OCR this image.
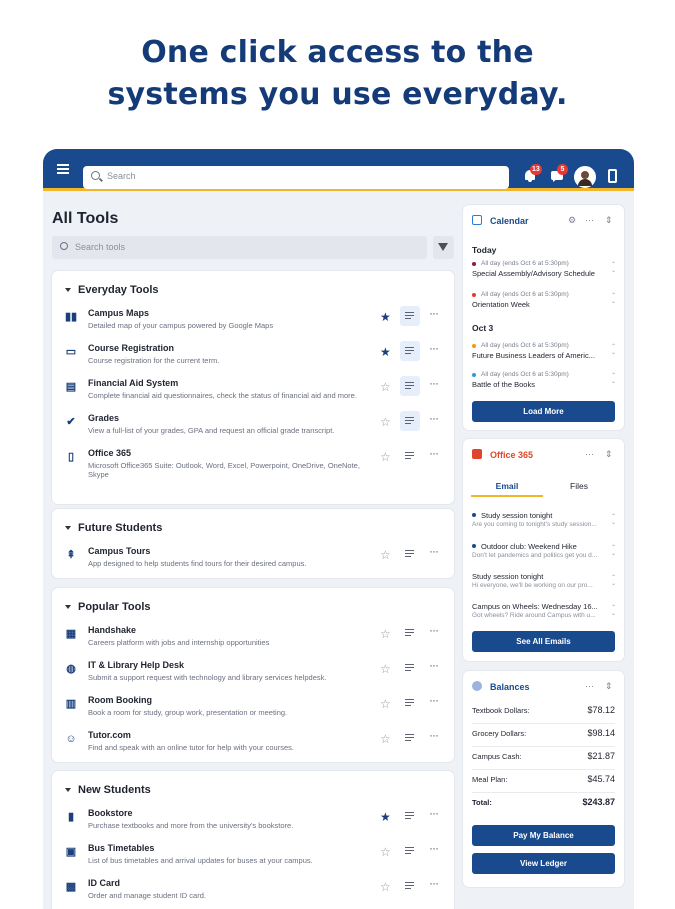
One click access to the
systems you use everyday.
Search
13	5
All Tools
Search tools
Everyday Tools
▮▮ Campus Maps
Detailed map of your campus powered by Google Maps
★	···
▭ Course Registration
Course registration for the current term.
★	···
▤ Financial Aid System
Complete financial aid questionnaires, check the status of financial aid and more.
☆	···
✔ Grades
View a full-list of your grades, GPA and request an official grade transcript.
☆	···
▯	Office 365
Microsoft Office365 Suite: Outlook, Word, Excel, Powerpoint, OneDrive, OneNote, Skype
☆	···
Future Students
⇞ Campus Tours
App designed to help students find tours for their desired campus.
☆	···
Popular Tools
▦ Handshake
Careers platform with jobs and internship opportunities
☆	···
◍ IT & Library Help Desk
Submit a support request with technology and library services helpdesk.
☆	···
▥ Room Booking
Book a room for study, group work, presentation or meeting.
☆	···
☺ Tutor.com
Find and speak with an online tutor for help with your courses.
☆	···
New Students
▮	Bookstore
Purchase textbooks and more from the university's bookstore.
★	···
▣ Bus Timetables
List of bus timetables and arrival updates for buses at your campus.
☆	···
▩ ID Card
Order and manage student ID card.
☆	···
Calendar	⚙ ··· ⇕
Today
Oct 3
All day (ends Oct 6 at 5:30pm)
Special Assembly/Advisory Schedule
⌃
⌄
All day (ends Oct 6 at 5:30pm)
Orientation Week
⌃
⌄
All day (ends Oct 6 at 5:30pm)
Future Business Leaders of Americ...
⌃
⌄
All day (ends Oct 6 at 5:30pm)
Battle of the Books
⌃
⌄
Load More
Office 365	··· ⇕
Email	Files
Study session tonight
Are you coming to tonight's study session...
⌃
⌄
Outdoor club: Weekend Hike
Don't let pandemics and politics get you d...
⌃
⌄
Study session tonight
Hi everyone, we'll be working on our pro...
⌃
⌄
Campus on Wheels: Wednesday 16...
Got wheels? Ride around Campus with u...
⌃
⌄
See All Emails
Balances	··· ⇕
Textbook Dollars:	$78.12
Grocery Dollars:	$98.14
Campus Cash:	$21.87
Meal Plan:	$45.74
Total:	$243.87
Pay My Balance
View Ledger
